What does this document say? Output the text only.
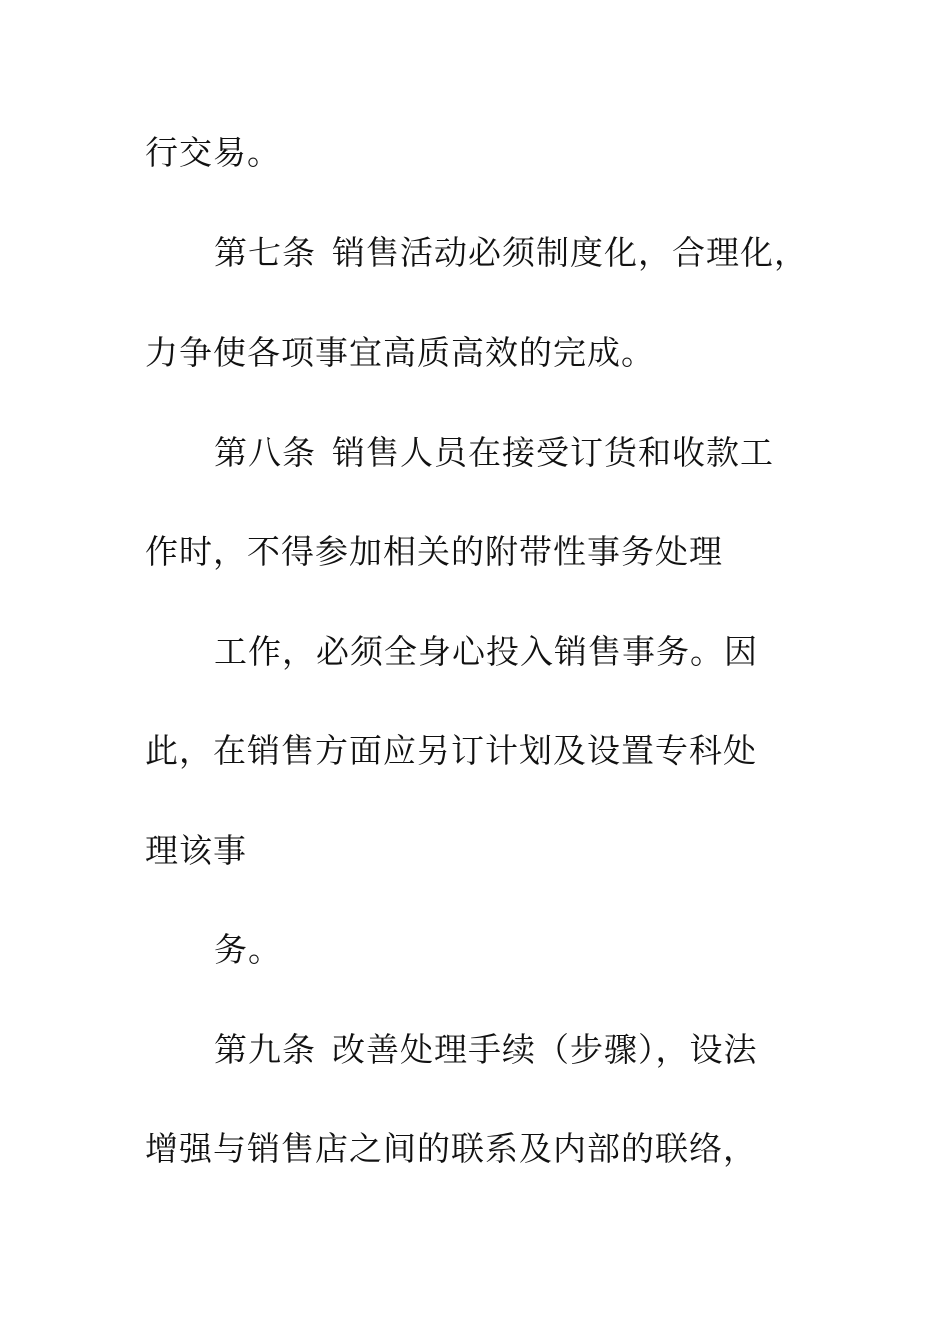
行交易。
第七条 销售活动必须制度化，合理化，
力争使各项事宜高质高效的完成。
第八条 销售人员在接受订货和收款工
作时，不得参加相关的附带性事务处理
工作，必须全身心投入销售事务。因
此，在销售方面应另订计划及设置专科处
理该事
务。
第九条 改善处理手续（步骤），设法
增强与销售店之间的联系及内部的联络，
